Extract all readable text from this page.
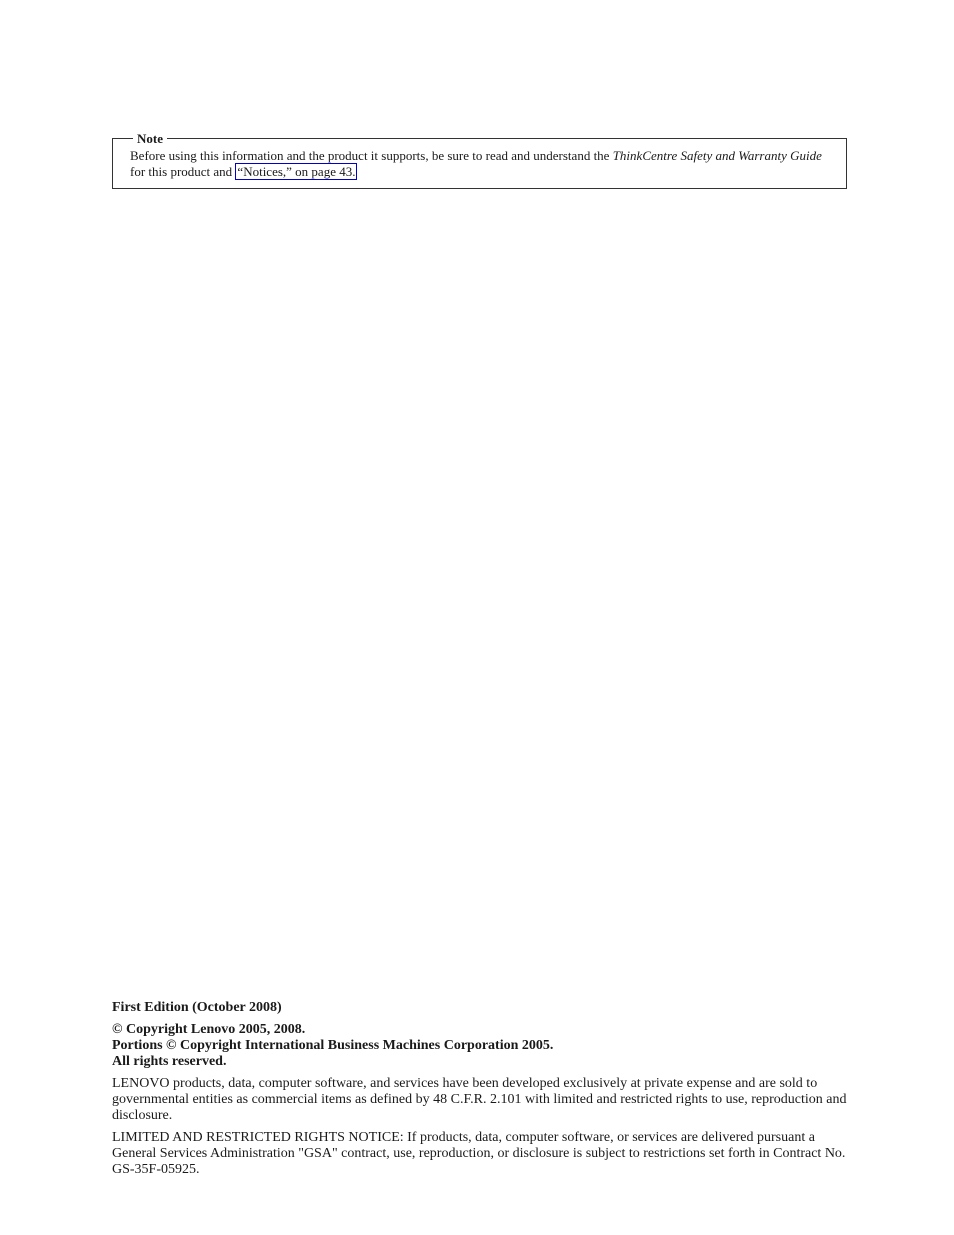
Note

Before using this information and the product it supports, be sure to read and understand the ThinkCentre Safety and Warranty Guide for this product and “Notices,” on page 43.

First Edition (October 2008)

© Copyright Lenovo 2005, 2008.
Portions © Copyright International Business Machines Corporation 2005.
All rights reserved.

LENOVO products, data, computer software, and services have been developed exclusively at private expense and are sold to governmental entities as commercial items as defined by 48 C.F.R. 2.101 with limited and restricted rights to use, reproduction and disclosure.

LIMITED AND RESTRICTED RIGHTS NOTICE: If products, data, computer software, or services are delivered pursuant a General Services Administration "GSA" contract, use, reproduction, or disclosure is subject to restrictions set forth in Contract No. GS-35F-05925.
